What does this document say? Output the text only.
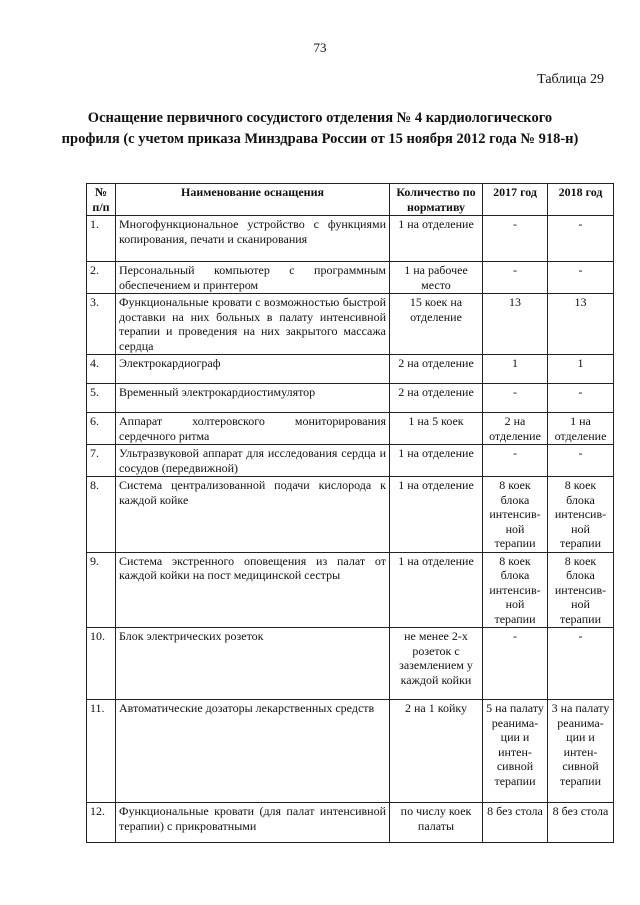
73
Таблица 29
Оснащение первичного сосудистого отделения № 4 кардиологического профиля (с учетом приказа Минздрава России от 15 ноября 2012 года № 918-н)
№ п/п	Наименование оснащения	Количество по нормативу	2017 год	2018 год
1.	Многофункциональное устройство с функциями копирования, печати и сканирования	1 на отделение	-	-
2.	Персональный компьютер с программным обеспечением и принтером	1 на рабочее место	-	-
3.	Функциональные кровати с возможностью быстрой доставки на них больных в палату интенсивной терапии и проведения на них закрытого массажа сердца	15 коек на отделение	13	13
4.	Электрокардиограф	2 на отделение	1	1
5.	Временный электрокардиостимулятор	2 на отделение	-	-
6.	Аппарат холтеровского мониторирования сердечного ритма	1 на 5 коек	2 на отделение	1 на отделение
7.	Ультразвуковой аппарат для исследования сердца и сосудов (передвижной)	1 на отделение	-	-
8.	Система централизованной подачи кислорода к каждой койке	1 на отделение	8 коек блока интенсив-ной терапии	8 коек блока интенсив-ной терапии
9.	Система экстренного оповещения из палат от каждой койки на пост медицинской сестры	1 на отделение	8 коек блока интенсив-ной терапии	8 коек блока интенсив-ной терапии
10.	Блок электрических розеток	не менее 2-х розеток с заземлением у каждой койки	-	-
11.	Автоматические дозаторы лекарственных средств	2 на 1 койку	5 на палату реанима-ции и интен-сивной терапии	3 на палату реанима-ции и интен-сивной терапии
12.	Функциональные кровати (для палат интенсивной терапии) с прикроватными	по числу коек палаты	8 без стола	8 без стола
